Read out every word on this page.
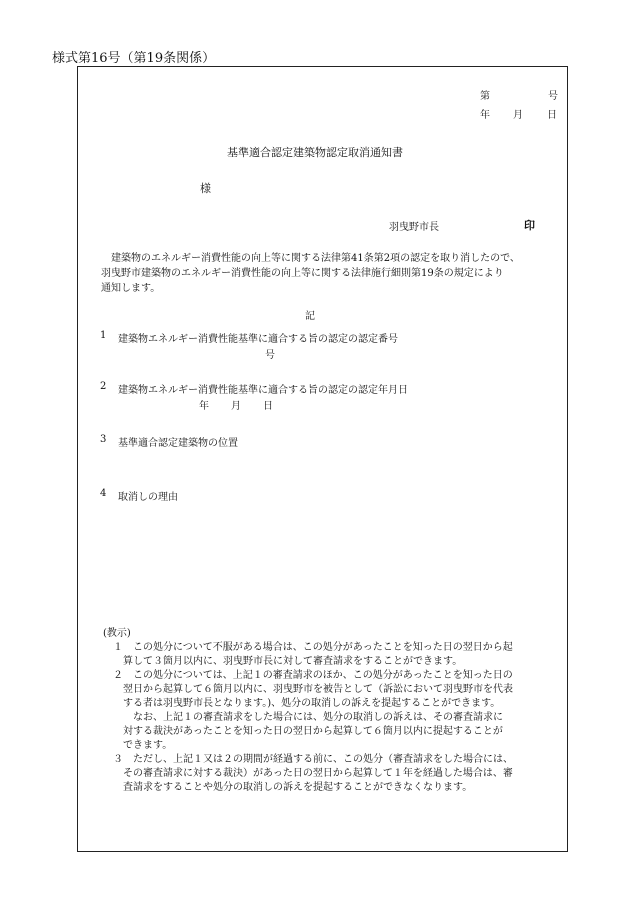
様式第16号（第19条関係）
第	号
年 月 日
基準適合認定建築物認定取消通知書
様
羽曳野市長	印

　建築物のエネルギー消費性能の向上等に関する法律第41条第2項の認定を取り消したので、

羽曳野市建築物のエネルギー消費性能の向上等に関する法律施行細則第19条の規定により

通知します。

記
1 建築物エネルギー消費性能基準に適合する旨の認定の認定番号
号
2 建築物エネルギー消費性能基準に適合する旨の認定の認定年月日
年 月 日
3 基準適合認定建築物の位置
4 取消しの理由
(教示)
　１　この処分について不服がある場合は、この処分があったことを知った日の翌日から起
　　算して３箇月以内に、羽曳野市長に対して審査請求をすることができます。
　２　この処分については、上記１の審査請求のほか、この処分があったことを知った日の
　　翌日から起算して６箇月以内に、羽曳野市を被告として（訴訟において羽曳野市を代表
　　する者は羽曳野市長となります。)、処分の取消しの訴えを提起することができます。
　　　なお、上記１の審査請求をした場合には、処分の取消しの訴えは、その審査請求に
　　対する裁決があったことを知った日の翌日から起算して６箇月以内に提起することが
　　できます。
　３　ただし、上記１又は２の期間が経過する前に、この処分（審査請求をした場合には、
　　その審査請求に対する裁決）があった日の翌日から起算して１年を経過した場合は、審
　　査請求をすることや処分の取消しの訴えを提起することができなくなります。
